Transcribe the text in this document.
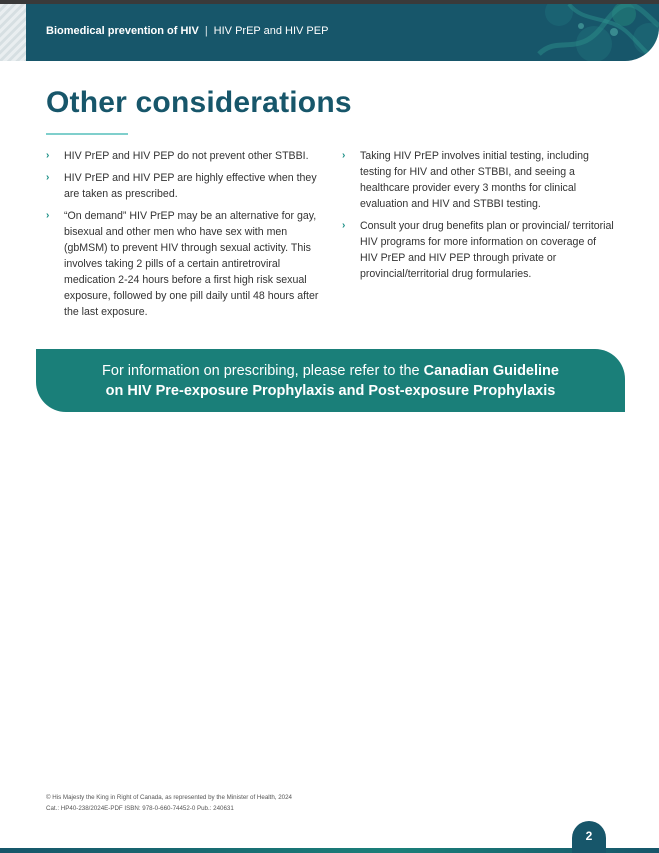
Biomedical prevention of HIV | HIV PrEP and HIV PEP
Other considerations
› HIV PrEP and HIV PEP do not prevent other STBBI.
› HIV PrEP and HIV PEP are highly effective when they are taken as prescribed.
› “On demand” HIV PrEP may be an alternative for gay, bisexual and other men who have sex with men (gbMSM) to prevent HIV through sexual activity. This involves taking 2 pills of a certain antiretroviral medication 2-24 hours before a first high risk sexual exposure, followed by one pill daily until 48 hours after the last exposure.
› Taking HIV PrEP involves initial testing, including testing for HIV and other STBBI, and seeing a healthcare provider every 3 months for clinical evaluation and HIV and STBBI testing.
› Consult your drug benefits plan or provincial/ territorial HIV programs for more information on coverage of HIV PrEP and HIV PEP through private or provincial/territorial drug formularies.
For information on prescribing, please refer to the Canadian Guideline on HIV Pre-exposure Prophylaxis and Post-exposure Prophylaxis
© His Majesty the King in Right of Canada, as represented by the Minister of Health, 2024
Cat.: HP40-238/2024E-PDF ISBN: 978-0-660-74452-0 Pub.: 240631
2
